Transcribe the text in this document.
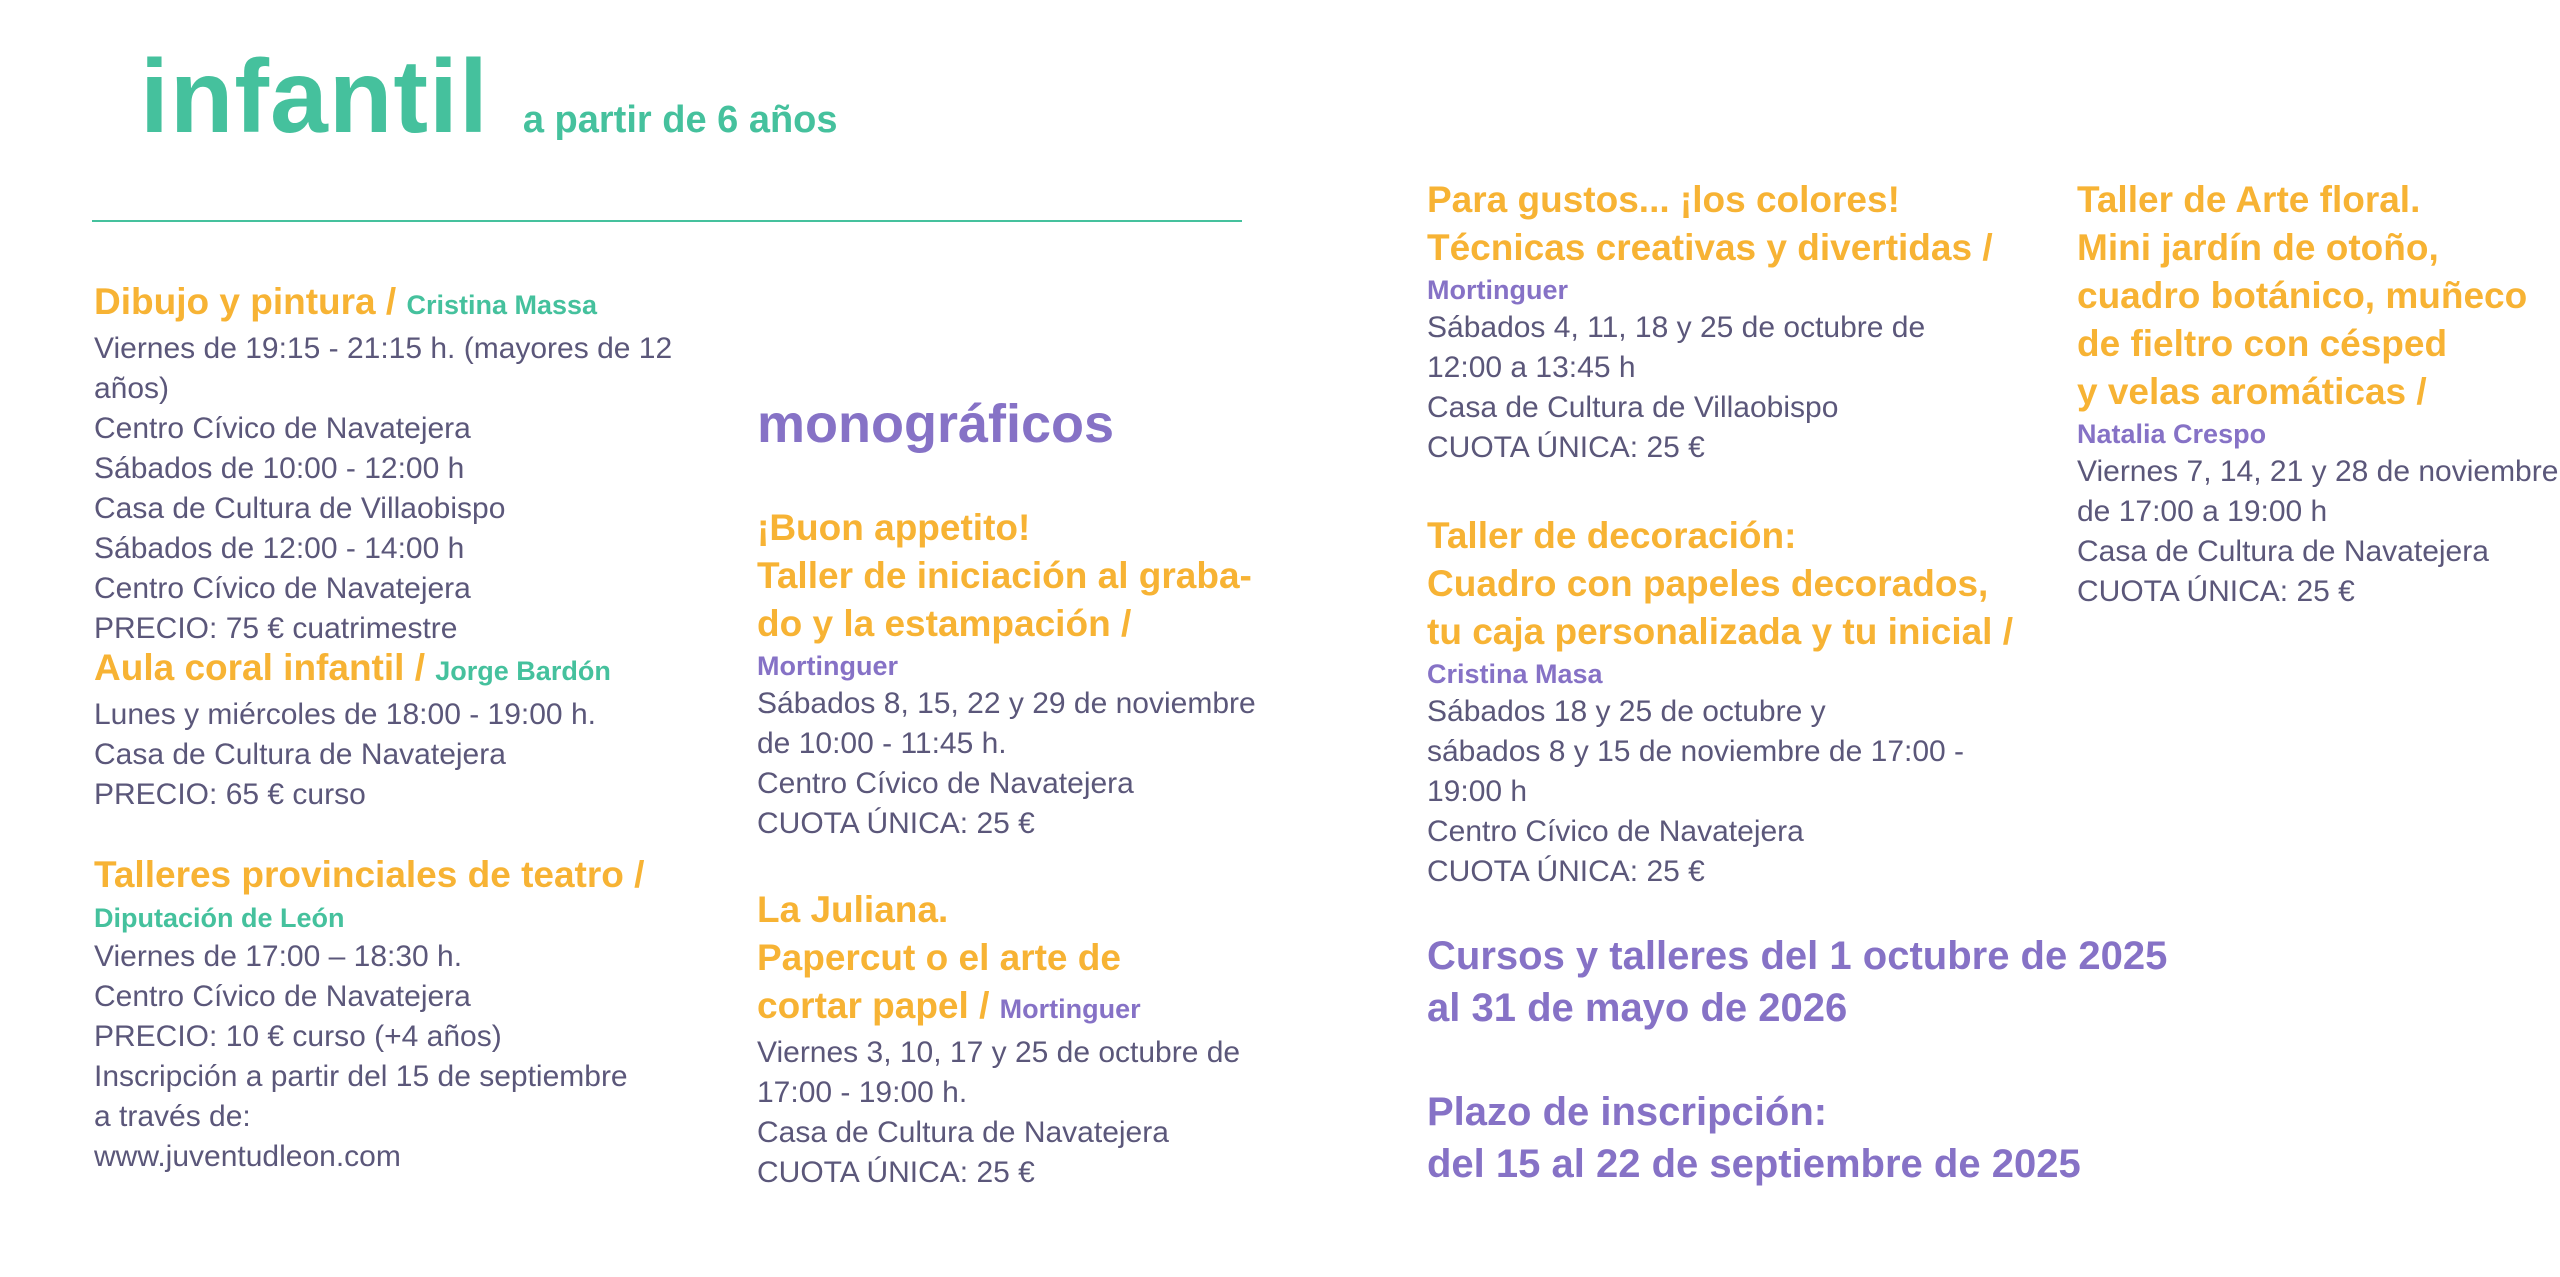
infantil a partir de 6 años
Dibujo y pintura / Cristina Massa
Viernes de 19:15 - 21:15 h. (mayores de 12 años)
Centro Cívico de Navatejera
Sábados de 10:00 - 12:00 h
Casa de Cultura de Villaobispo
Sábados de 12:00 - 14:00 h
Centro Cívico de Navatejera
PRECIO: 75 € cuatrimestre
Aula coral infantil / Jorge Bardón
Lunes y miércoles de 18:00 - 19:00 h.
Casa de Cultura de Navatejera
PRECIO: 65 € curso
Talleres provinciales de teatro /
Diputación de León
Viernes de 17:00 – 18:30 h.
Centro Cívico de Navatejera
PRECIO: 10 € curso (+4 años)
Inscripción a partir del 15 de septiembre
a través de:
www.juventudleon.com
monográficos
¡Buon appetito!
Taller de iniciación al graba-
do y la estampación /
Mortinguer
Sábados 8, 15, 22 y 29 de noviembre
de 10:00 - 11:45 h.
Centro Cívico de Navatejera
CUOTA ÚNICA: 25 €
La Juliana.
Papercut o el arte de
cortar papel / Mortinguer
Viernes 3, 10, 17 y 25 de octubre de
17:00 - 19:00 h.
Casa de Cultura de Navatejera
CUOTA ÚNICA: 25 €
Para gustos... ¡los colores!
Técnicas creativas y divertidas /
Mortinguer
Sábados 4, 11, 18 y 25 de octubre de
12:00 a 13:45 h
Casa de Cultura de Villaobispo
CUOTA ÚNICA: 25 €
Taller de decoración:
Cuadro con papeles decorados,
tu caja personalizada y tu inicial /
Cristina Masa
Sábados 18 y 25 de octubre y
sábados 8 y 15 de noviembre de 17:00 - 19:00 h
Centro Cívico de Navatejera
CUOTA ÚNICA: 25 €
Cursos y talleres del 1 octubre de 2025
al 31 de mayo de 2026
Plazo de inscripción:
del 15 al 22 de septiembre de 2025
Taller de Arte floral.
Mini jardín de otoño,
cuadro botánico, muñeco
de fieltro con césped
y velas aromáticas /
Natalia Crespo
Viernes 7, 14, 21 y 28 de noviembre
de 17:00 a 19:00 h
Casa de Cultura de Navatejera
CUOTA ÚNICA: 25 €
